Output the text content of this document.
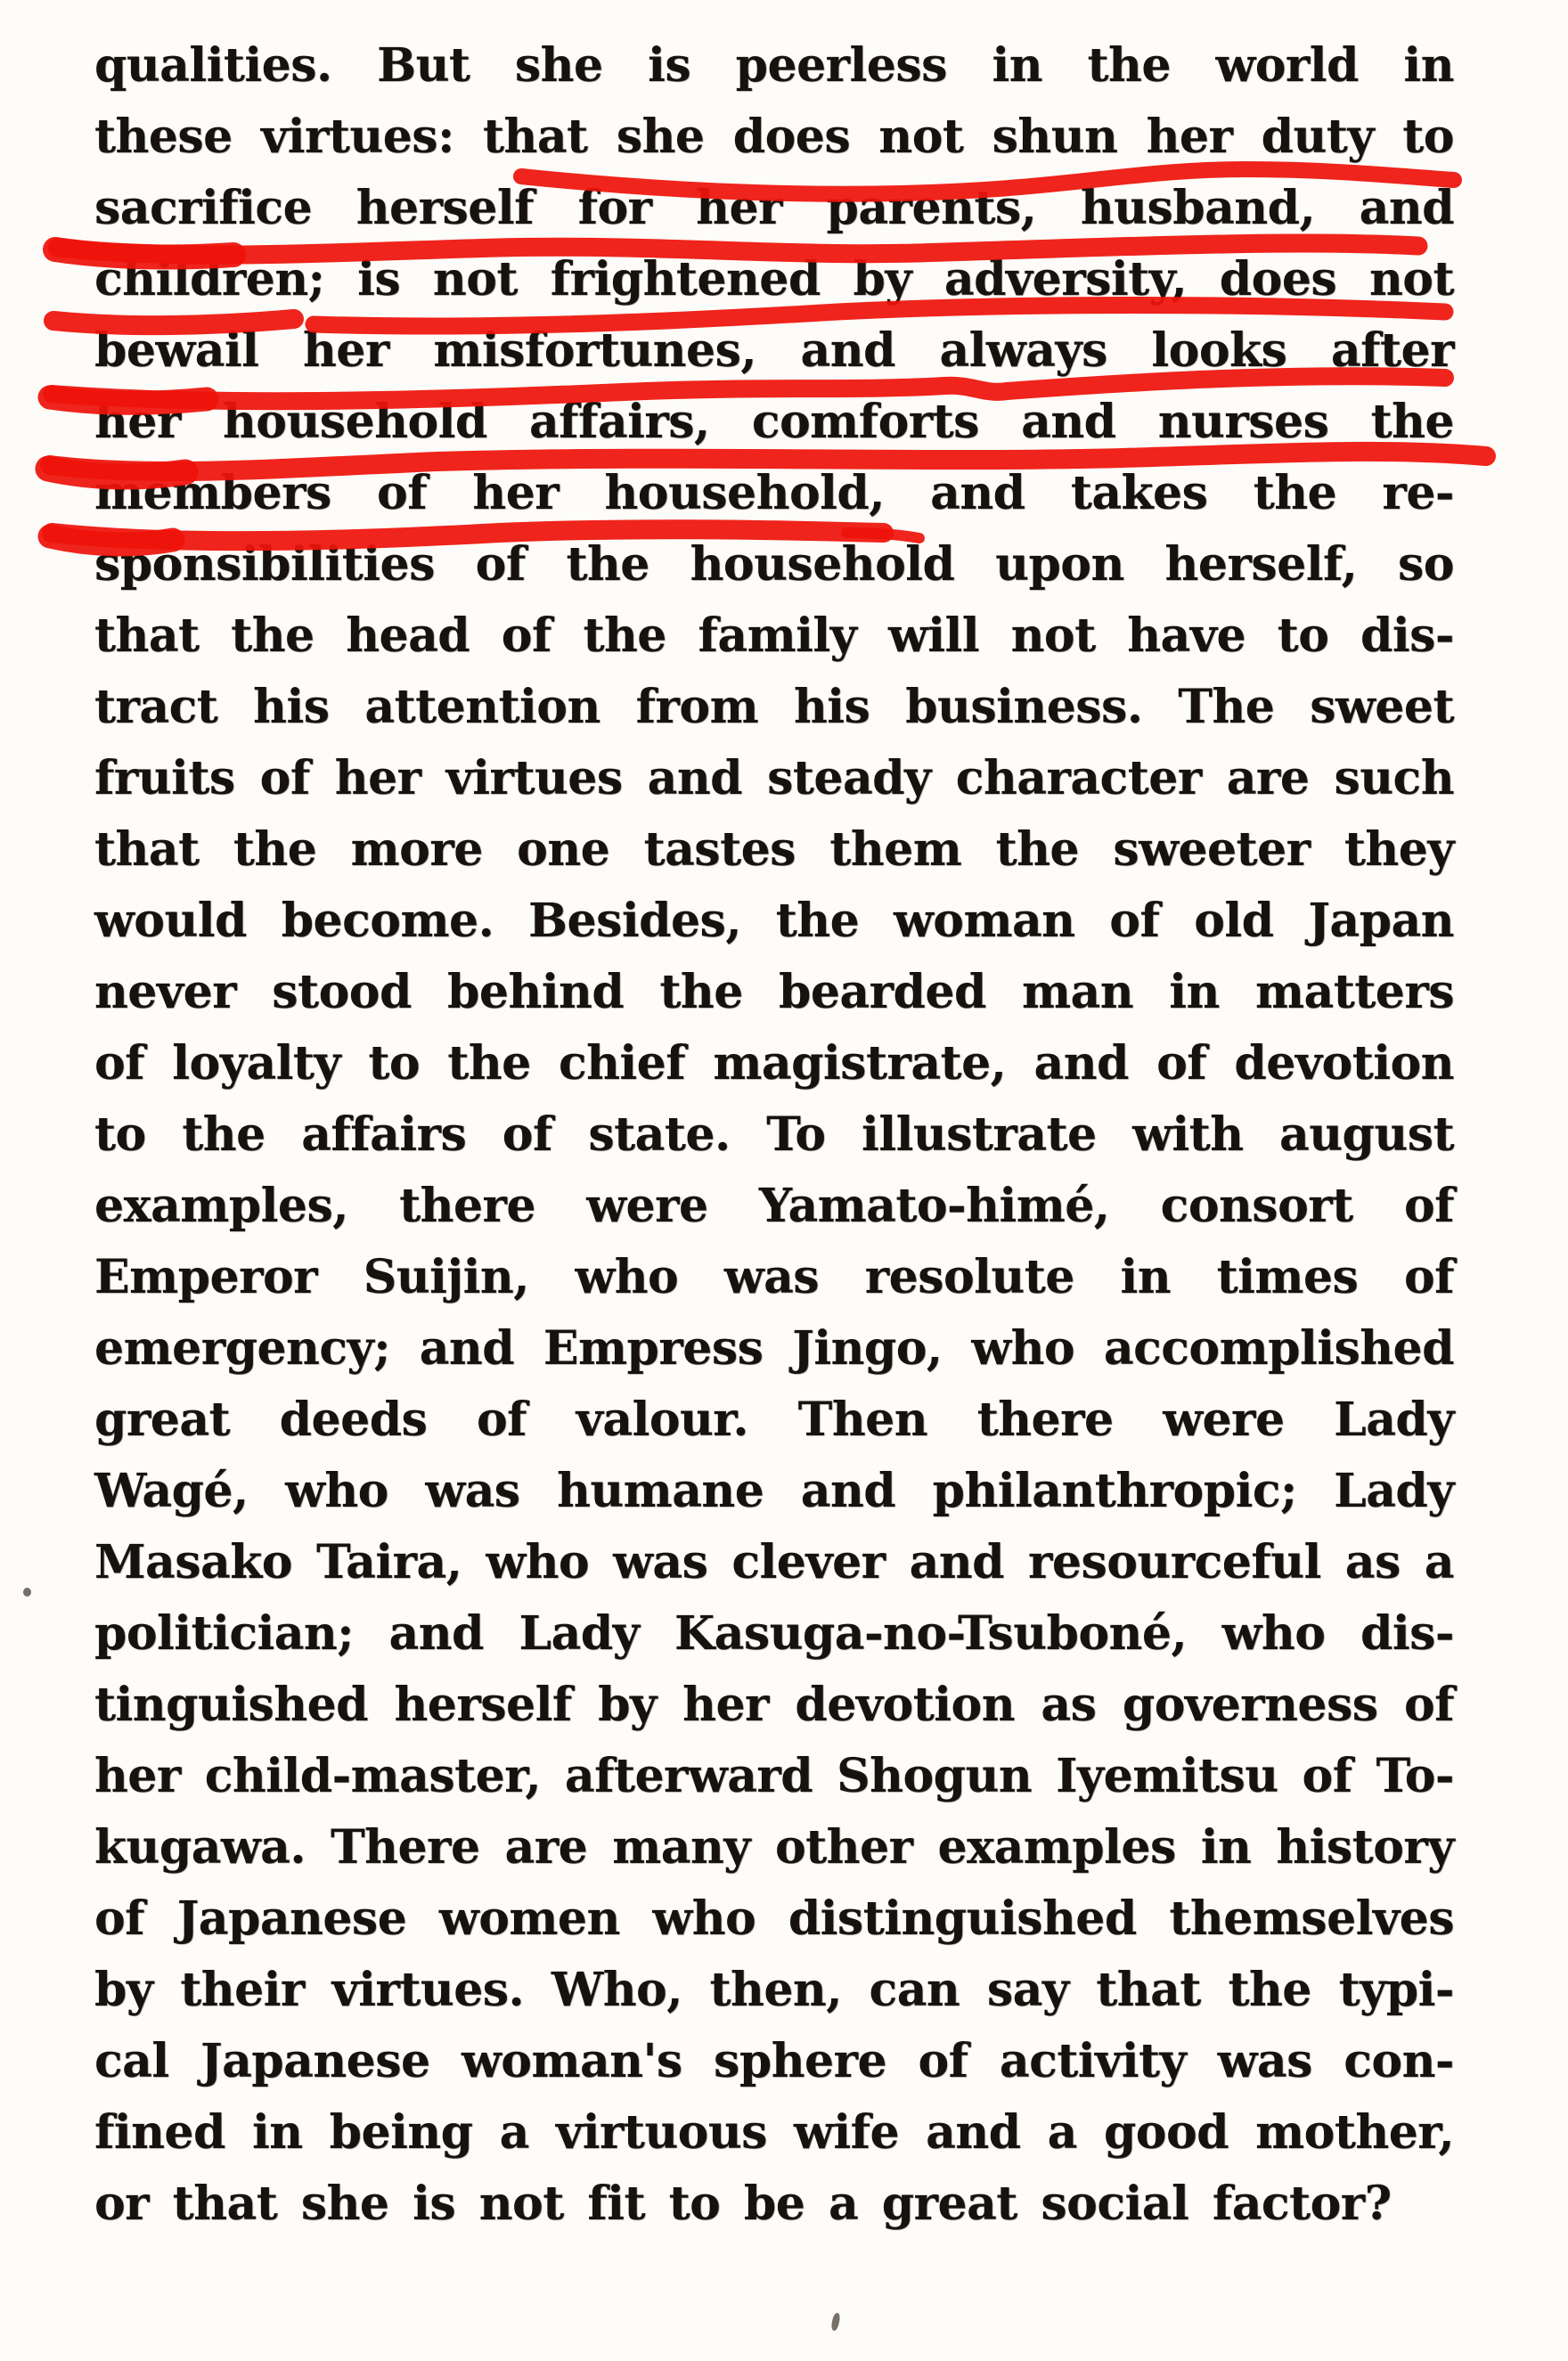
qualities. But she is peerless in the world in
these virtues: that she does not shun her duty to
sacrifice herself for her parents, husband, and
children; is not frightened by adversity, does not
bewail her misfortunes, and always looks after
her household affairs, comforts and nurses the
members of her household, and takes the re-
sponsibilities of the household upon herself, so
that the head of the family will not have to dis-
tract his attention from his business. The sweet
fruits of her virtues and steady character are such
that the more one tastes them the sweeter they
would become. Besides, the woman of old Japan
never stood behind the bearded man in matters
of loyalty to the chief magistrate, and of devotion
to the affairs of state. To illustrate with august
examples, there were Yamato-himé, consort of
Emperor Suijin, who was resolute in times of
emergency; and Empress Jingo, who accomplished
great deeds of valour. Then there were Lady
Wagé, who was humane and philanthropic; Lady
Masako Taira, who was clever and resourceful as a
politician; and Lady Kasuga-no-Tsuboné, who dis-
tinguished herself by her devotion as governess of
her child-master, afterward Shogun Iyemitsu of To-
kugawa. There are many other examples in history
of Japanese women who distinguished themselves
by their virtues. Who, then, can say that the typi-
cal Japanese woman's sphere of activity was con-
fined in being a virtuous wife and a good mother,
or that she is not fit to be a great social factor?
